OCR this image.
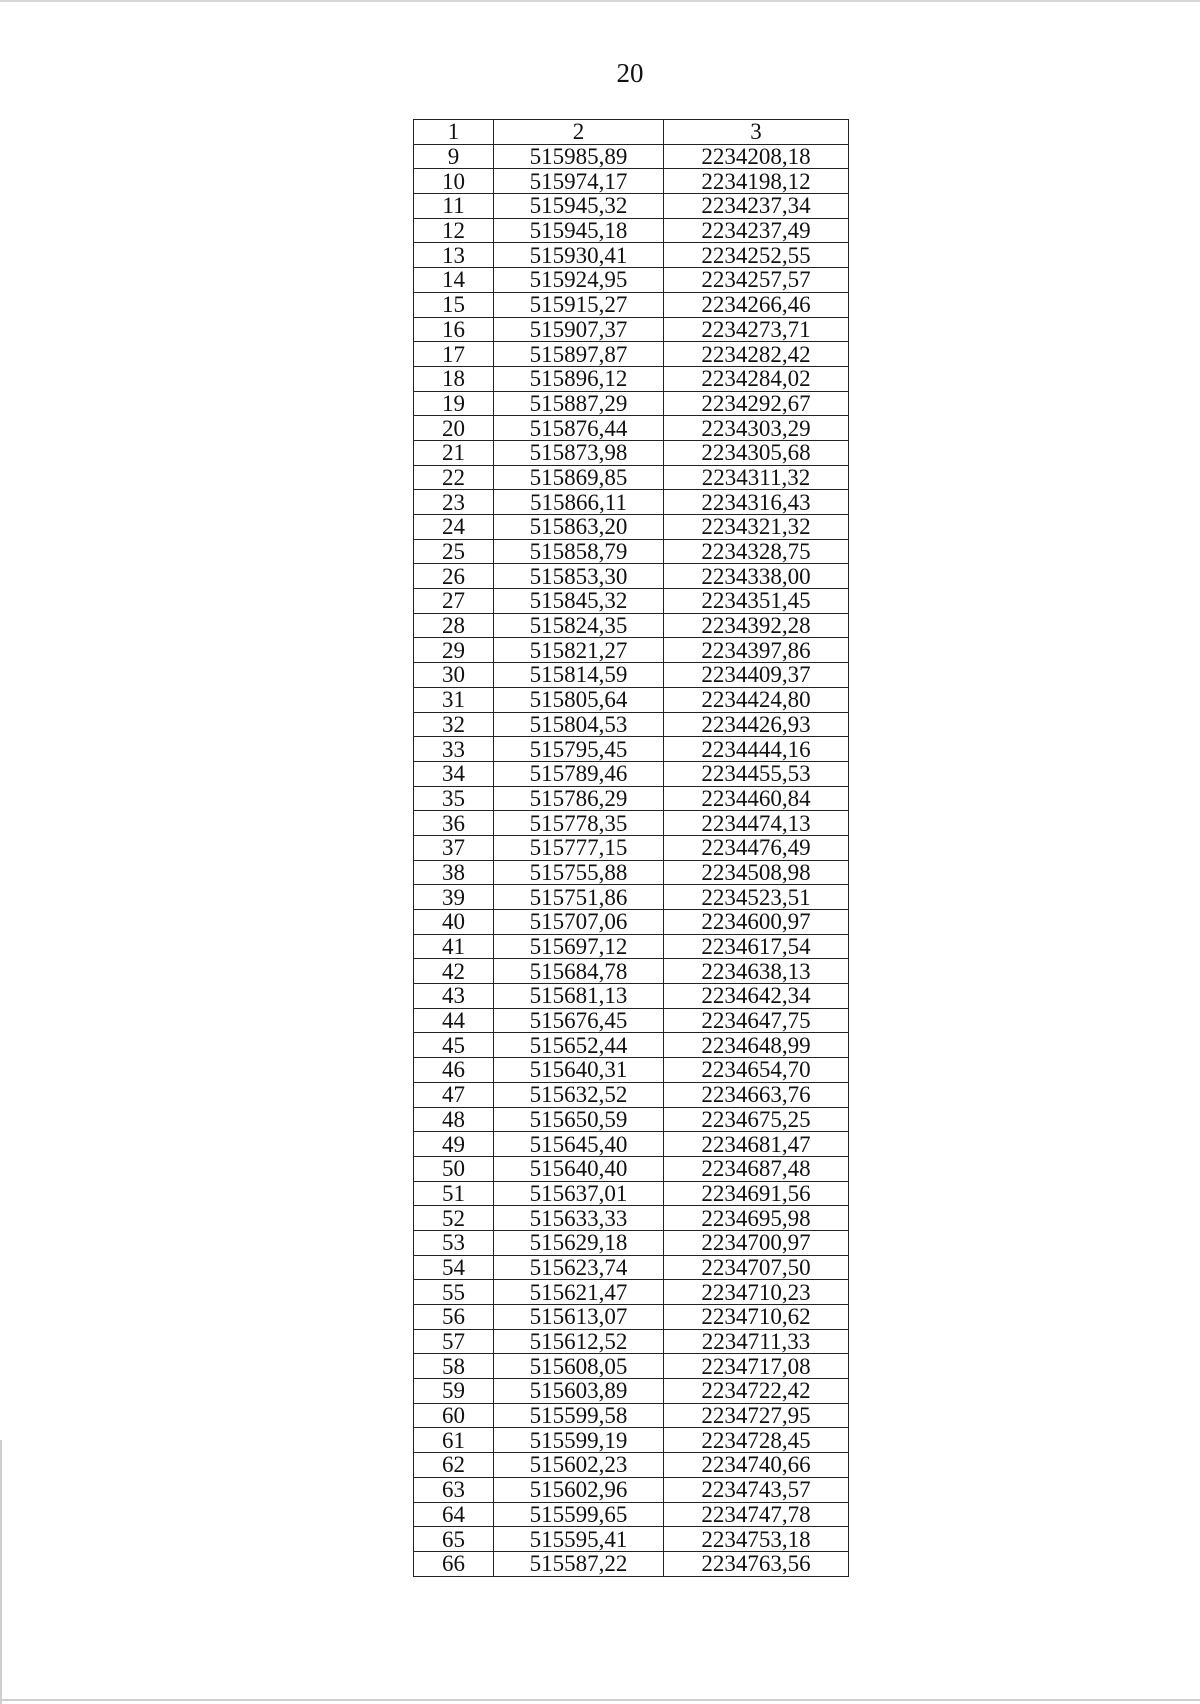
20
1	2	3
9	515985,89	2234208,18
10	515974,17	2234198,12
11	515945,32	2234237,34
12	515945,18	2234237,49
13	515930,41	2234252,55
14	515924,95	2234257,57
15	515915,27	2234266,46
16	515907,37	2234273,71
17	515897,87	2234282,42
18	515896,12	2234284,02
19	515887,29	2234292,67
20	515876,44	2234303,29
21	515873,98	2234305,68
22	515869,85	2234311,32
23	515866,11	2234316,43
24	515863,20	2234321,32
25	515858,79	2234328,75
26	515853,30	2234338,00
27	515845,32	2234351,45
28	515824,35	2234392,28
29	515821,27	2234397,86
30	515814,59	2234409,37
31	515805,64	2234424,80
32	515804,53	2234426,93
33	515795,45	2234444,16
34	515789,46	2234455,53
35	515786,29	2234460,84
36	515778,35	2234474,13
37	515777,15	2234476,49
38	515755,88	2234508,98
39	515751,86	2234523,51
40	515707,06	2234600,97
41	515697,12	2234617,54
42	515684,78	2234638,13
43	515681,13	2234642,34
44	515676,45	2234647,75
45	515652,44	2234648,99
46	515640,31	2234654,70
47	515632,52	2234663,76
48	515650,59	2234675,25
49	515645,40	2234681,47
50	515640,40	2234687,48
51	515637,01	2234691,56
52	515633,33	2234695,98
53	515629,18	2234700,97
54	515623,74	2234707,50
55	515621,47	2234710,23
56	515613,07	2234710,62
57	515612,52	2234711,33
58	515608,05	2234717,08
59	515603,89	2234722,42
60	515599,58	2234727,95
61	515599,19	2234728,45
62	515602,23	2234740,66
63	515602,96	2234743,57
64	515599,65	2234747,78
65	515595,41	2234753,18
66	515587,22	2234763,56
